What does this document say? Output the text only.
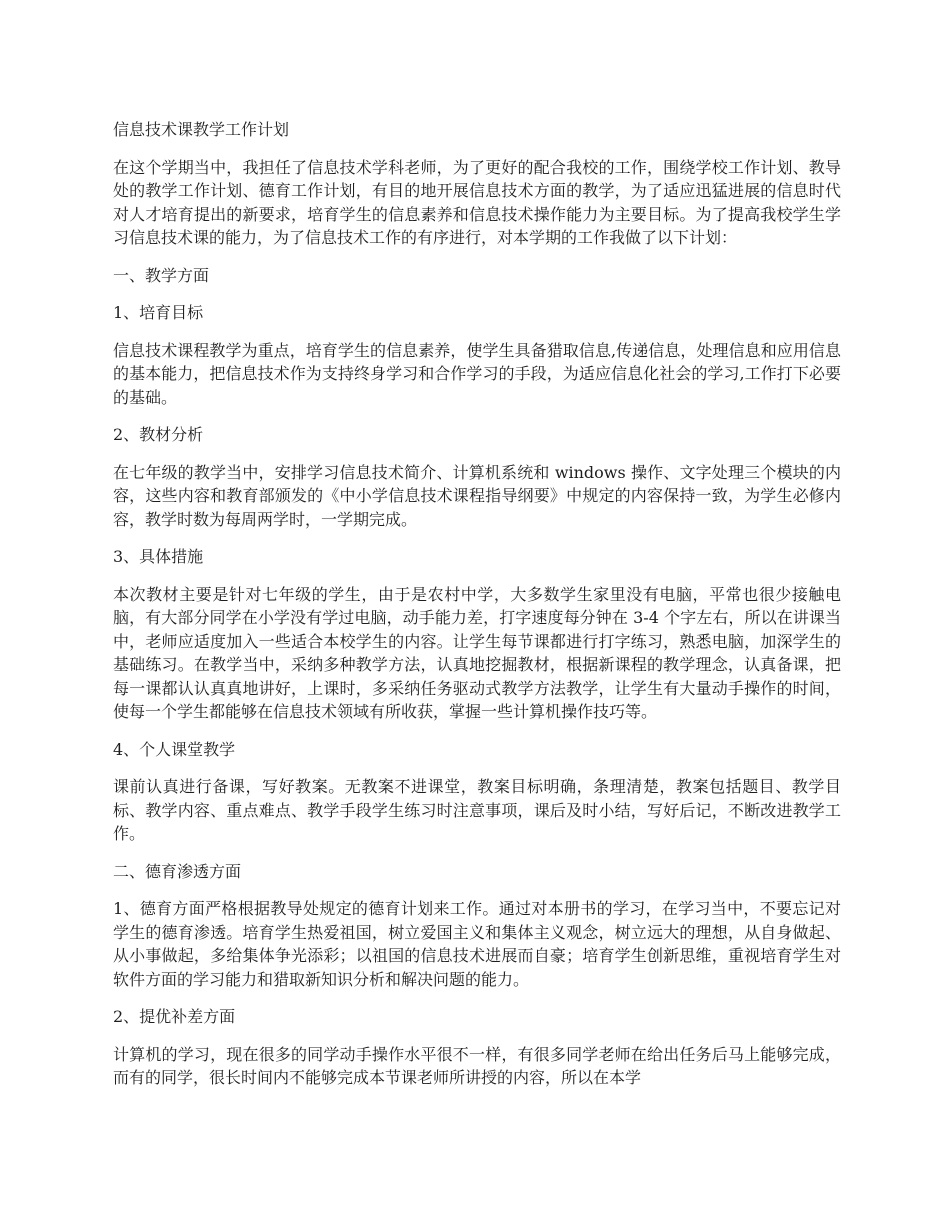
信息技术课教学工作计划

在这个学期当中，我担任了信息技术学科老师，为了更好的配合我校的工作，围绕学校工作计划、教导处的教学工作计划、德育工作计划，有目的地开展信息技术方面的教学，为了适应迅猛进展的信息时代对人才培育提出的新要求，培育学生的信息素养和信息技术操作能力为主要目标。为了提高我校学生学习信息技术课的能力，为了信息技术工作的有序进行，对本学期的工作我做了以下计划：

一、教学方面

1、培育目标

信息技术课程教学为重点，培育学生的信息素养，使学生具备猎取信息,传递信息，处理信息和应用信息的基本能力，把信息技术作为支持终身学习和合作学习的手段，为适应信息化社会的学习,工作打下必要的基础。

2、教材分析

在七年级的教学当中，安排学习信息技术简介、计算机系统和 windows 操作、文字处理三个模块的内容，这些内容和教育部颁发的《中小学信息技术课程指导纲要》中规定的内容保持一致，为学生必修内容，教学时数为每周两学时，一学期完成。

3、具体措施

本次教材主要是针对七年级的学生，由于是农村中学，大多数学生家里没有电脑，平常也很少接触电脑，有大部分同学在小学没有学过电脑，动手能力差，打字速度每分钟在 3-4 个字左右，所以在讲课当中，老师应适度加入一些适合本校学生的内容。让学生每节课都进行打字练习，熟悉电脑，加深学生的基础练习。在教学当中，采纳多种教学方法，认真地挖掘教材，根据新课程的教学理念，认真备课，把每一课都认认真真地讲好，上课时，多采纳任务驱动式教学方法教学，让学生有大量动手操作的时间，使每一个学生都能够在信息技术领域有所收获，掌握一些计算机操作技巧等。

4、个人课堂教学

课前认真进行备课，写好教案。无教案不进课堂，教案目标明确，条理清楚，教案包括题目、教学目标、教学内容、重点难点、教学手段学生练习时注意事项，课后及时小结，写好后记，不断改进教学工作。

二、德育渗透方面

1、德育方面严格根据教导处规定的德育计划来工作。通过对本册书的学习，在学习当中，不要忘记对学生的德育渗透。培育学生热爱祖国，树立爱国主义和集体主义观念，树立远大的理想，从自身做起、从小事做起，多给集体争光添彩；以祖国的信息技术进展而自豪；培育学生创新思维，重视培育学生对软件方面的学习能力和猎取新知识分析和解决问题的能力。

2、提优补差方面

计算机的学习，现在很多的同学动手操作水平很不一样，有很多同学老师在给出任务后马上能够完成，而有的同学，很长时间内不能够完成本节课老师所讲授的内容，所以在本学
